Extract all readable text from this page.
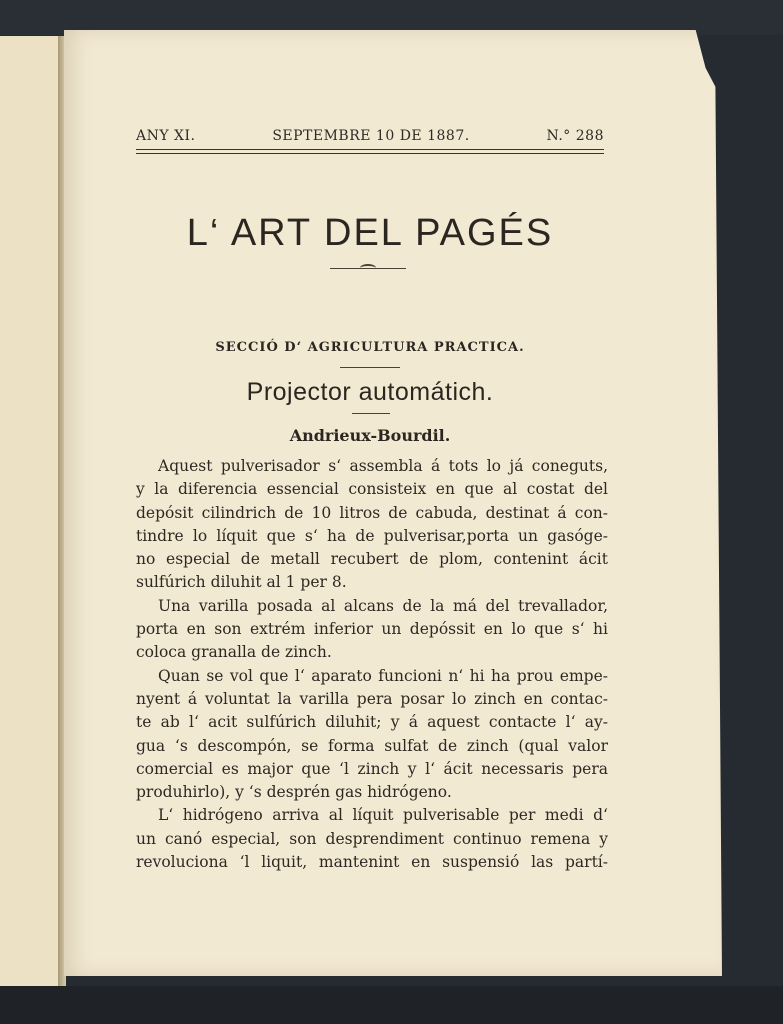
ANY XI.	SEPTEMBRE 10 DE 1887.	N.° 288
L‘ ART DEL PAGÉS
SECCIÓ D‘ AGRICULTURA PRACTICA.
Projector automátich.
Andrieux-Bourdil.
Aquest pulverisador s‘ assembla á tots lo já coneguts,
y la diferencia essencial consisteix en que al costat del
depósit cilindrich de 10 litros de cabuda, destinat á con-
tindre lo líquit que s‘ ha de pulverisar,porta un gasóge-
no especial de metall recubert de plom, contenint ácit
sulfúrich diluhit al 1 per 8.
Una varilla posada al alcans de la má del trevallador,
porta en son extrém inferior un depóssit en lo que s‘ hi
coloca granalla de zinch.
Quan se vol que l‘ aparato funcioni n‘ hi ha prou empe-
nyent á voluntat la varilla pera posar lo zinch en contac-
te ab l‘ acit sulfúrich diluhit; y á aquest contacte l‘ ay-
gua ‘s descompón, se forma sulfat de zinch (qual valor
comercial es major que ‘l zinch y l‘ ácit necessaris pera
produhirlo), y ‘s desprén gas hidrógeno.
L‘ hidrógeno arriva al líquit pulverisable per medi d‘
un canó especial, son desprendiment continuo remena y
revoluciona ‘l liquit, mantenint en suspensió las partí-
